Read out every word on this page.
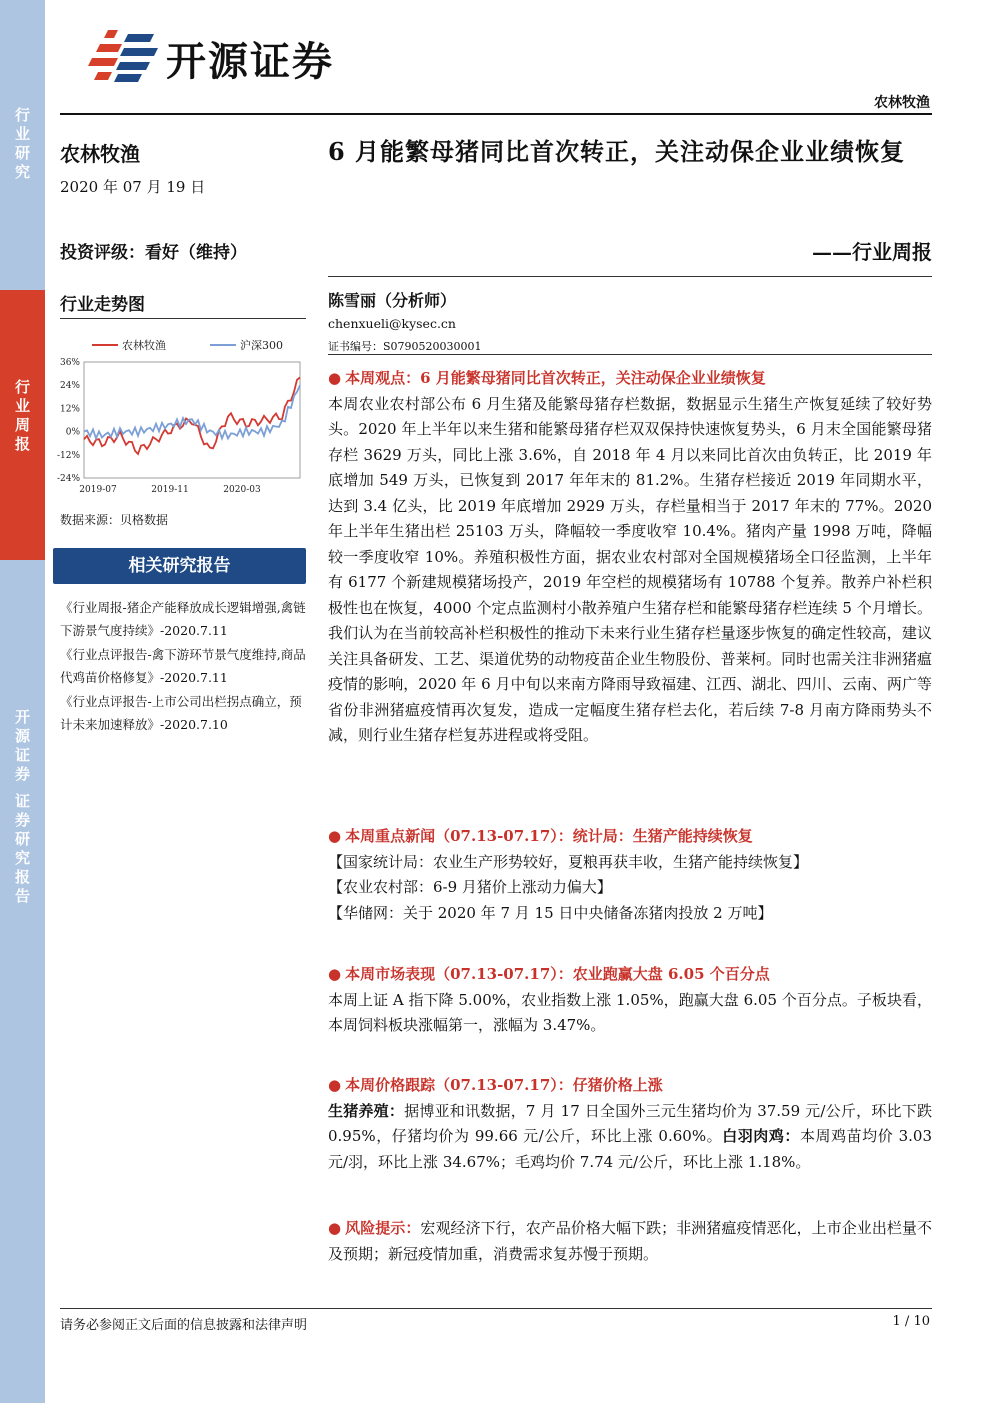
行
业
研
究
行
业
周
报
开
源
证
券
证
券
研
究
报
告
开源证券
农林牧渔
农林牧渔
2020 年 07 月 19 日
投资评级：看好（维持）
行业走势图
36%
24%
12%
0%
-12%
-24%
2019-07	2019-11	2020-03
农林牧渔	沪深300
数据来源：贝格数据
相关研究报告
《行业周报-猪企产能释放成长逻辑增强,禽链下游景气度持续》-2020.7.11
《行业点评报告-禽下游环节景气度维持,商品代鸡苗价格修复》-2020.7.11
《行业点评报告-上市公司出栏拐点确立，预计未来加速释放》-2020.7.10
6 月能繁母猪同比首次转正，关注动保企业业绩恢复
——行业周报
陈雪丽（分析师）
chenxueli@kysec.cn
证书编号：S0790520030001
● 本周观点：6 月能繁母猪同比首次转正，关注动保企业业绩恢复
本周农业农村部公布 6 月生猪及能繁母猪存栏数据，数据显示生猪生产恢复延续了较好势头。2020 年上半年以来生猪和能繁母猪存栏双双保持快速恢复势头，6 月末全国能繁母猪存栏 3629 万头，同比上涨 3.6%，自 2018 年 4 月以来同比首次由负转正，比 2019 年底增加 549 万头，已恢复到 2017 年年末的 81.2%。生猪存栏接近 2019 年同期水平，达到 3.4 亿头，比 2019 年底增加 2929 万头，存栏量相当于 2017 年末的 77%。2020 年上半年生猪出栏 25103 万头，降幅较一季度收窄 10.4%。猪肉产量 1998 万吨，降幅较一季度收窄 10%。养殖积极性方面，据农业农村部对全国规模猪场全口径监测，上半年有 6177 个新建规模猪场投产，2019 年空栏的规模猪场有 10788 个复养。散养户补栏积极性也在恢复，4000 个定点监测村小散养殖户生猪存栏和能繁母猪存栏连续 5 个月增长。我们认为在当前较高补栏积极性的推动下未来行业生猪存栏量逐步恢复的确定性较高，建议关注具备研发、工艺、渠道优势的动物疫苗企业生物股份、普莱柯。同时也需关注非洲猪瘟疫情的影响，2020 年 6 月中旬以来南方降雨导致福建、江西、湖北、四川、云南、两广等省份非洲猪瘟疫情再次复发，造成一定幅度生猪存栏去化，若后续 7-8 月南方降雨势头不减，则行业生猪存栏复苏进程或将受阻。
● 本周重点新闻（07.13-07.17）：统计局：生猪产能持续恢复
【国家统计局：农业生产形势较好，夏粮再获丰收，生猪产能持续恢复】
【农业农村部：6-9 月猪价上涨动力偏大】
【华储网：关于 2020 年 7 月 15 日中央储备冻猪肉投放 2 万吨】
● 本周市场表现（07.13-07.17）：农业跑赢大盘 6.05 个百分点
本周上证 A 指下降 5.00%，农业指数上涨 1.05%，跑赢大盘 6.05 个百分点。子板块看，本周饲料板块涨幅第一，涨幅为 3.47%。
● 本周价格跟踪（07.13-07.17）：仔猪价格上涨
生猪养殖：据博亚和讯数据，7 月 17 日全国外三元生猪均价为 37.59 元/公斤，环比下跌 0.95%，仔猪均价为 99.66 元/公斤，环比上涨 0.60%。白羽肉鸡：本周鸡苗均价 3.03 元/羽，环比上涨 34.67%；毛鸡均价 7.74 元/公斤，环比上涨 1.18%。
● 风险提示：宏观经济下行，农产品价格大幅下跌；非洲猪瘟疫情恶化，上市企业出栏量不及预期；新冠疫情加重，消费需求复苏慢于预期。
请务必参阅正文后面的信息披露和法律声明	1 / 10
